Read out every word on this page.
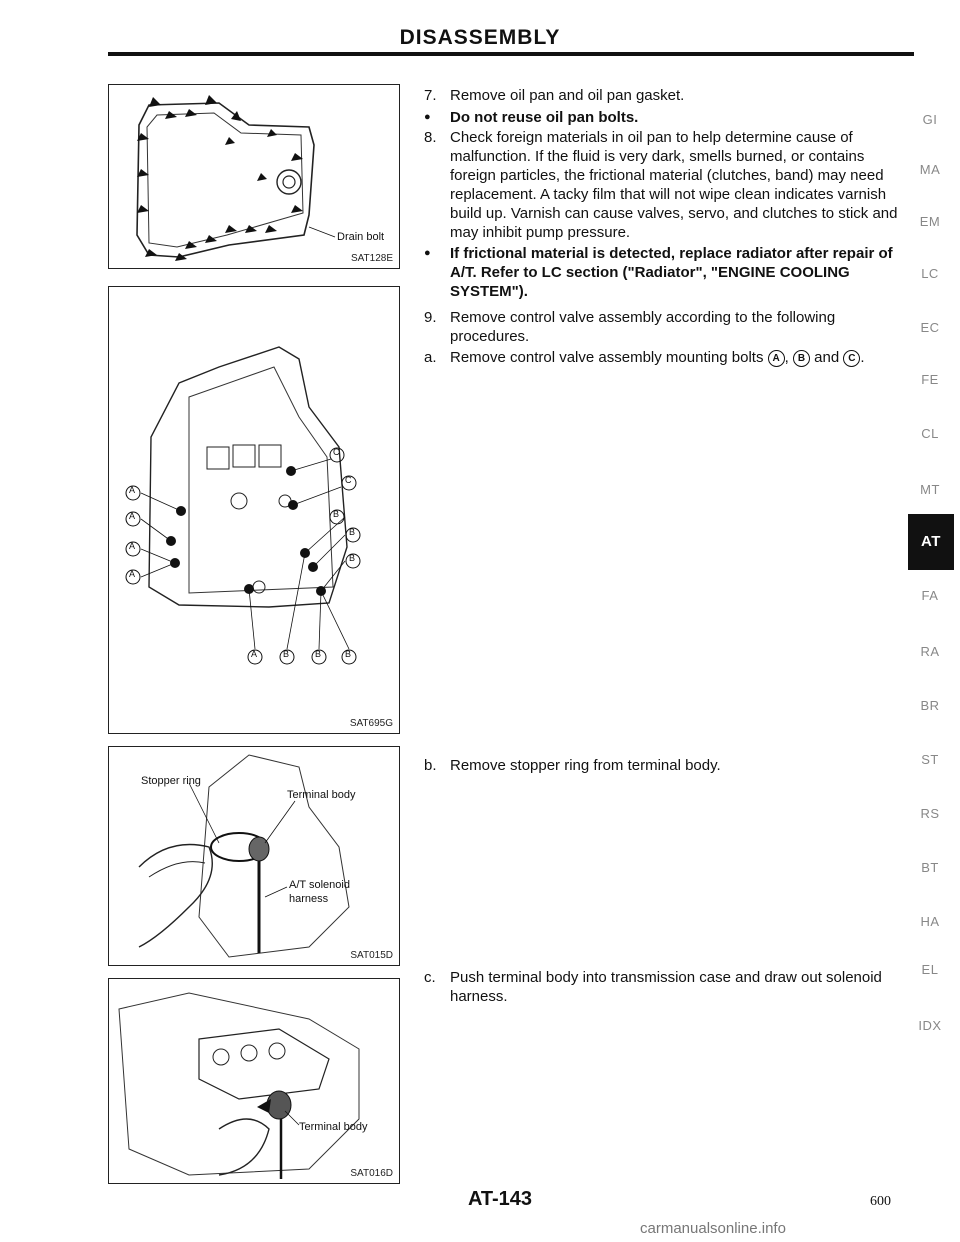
DISASSEMBLY
Drain bolt
SAT128E
A
A
A
A
A	B	B	B
B
B
B
C
C
SAT695G
Stopper ring
Terminal body
A/T solenoid
harness
SAT015D
Terminal body
SAT016D
7. Remove oil pan and oil pan gasket.
● Do not reuse oil pan bolts.
8. Check foreign materials in oil pan to help determine cause of malfunction. If the fluid is very dark, smells burned, or contains foreign particles, the frictional material (clutches, band) may need replacement. A tacky film that will not wipe clean indicates varnish build up. Varnish can cause valves, servo, and clutches to stick and may inhibit pump pressure.
● If frictional material is detected, replace radiator after repair of A/T. Refer to LC section ("Radiator", "ENGINE COOLING SYSTEM").
9. Remove control valve assembly according to the following procedures.
a. Remove control valve assembly mounting bolts A , B and C .
b. Remove stopper ring from terminal body.
c. Push terminal body into transmission case and draw out solenoid harness.
GI
MA
EM
LC
EC
FE
CL
MT
AT
FA
RA
BR
ST
RS
BT
HA
EL
IDX
AT-143	600
carmanualsonline.info
